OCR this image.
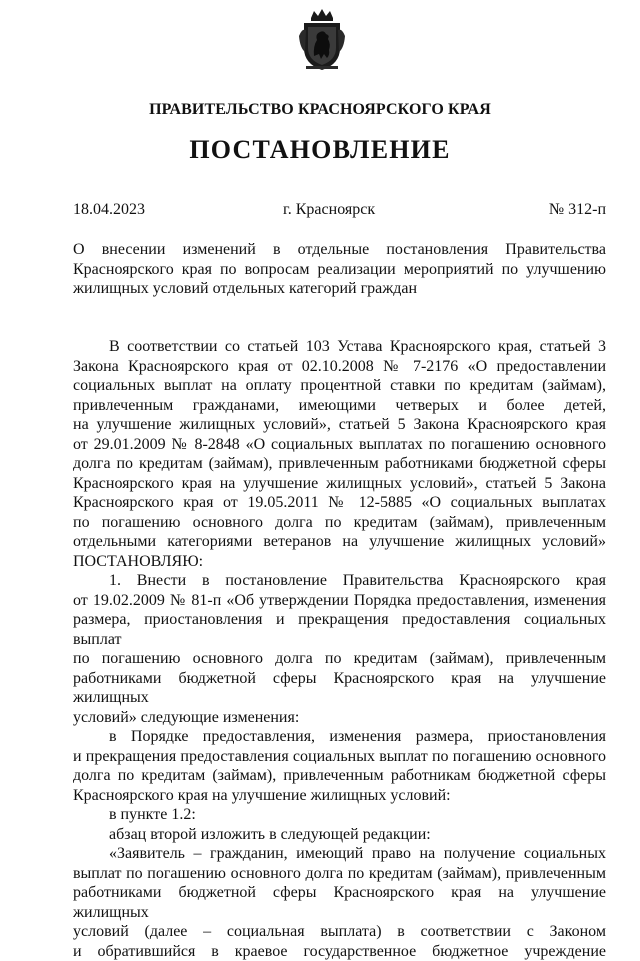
ПРАВИТЕЛЬСТВО КРАСНОЯРСКОГО КРАЯ
ПОСТАНОВЛЕНИЕ
18.04.2023	г. Красноярск	№ 312-п

О внесении изменений в отдельные постановления Правительства

Красноярского края по вопросам реализации мероприятий по улучшению

жилищных условий отдельных категорий граждан

В соответствии со статьей 103 Устава Красноярского края, статьей 3

Закона Красноярского края от 02.10.2008 № 7-2176 «О предоставлении

социальных выплат на оплату процентной ставки по кредитам (займам),

привлеченным гражданами, имеющими четверых и более детей,

на улучшение жилищных условий», статьей 5 Закона Красноярского края

от 29.01.2009 № 8-2848 «О социальных выплатах по погашению основного

долга по кредитам (займам), привлеченным работниками бюджетной сферы

Красноярского края на улучшение жилищных условий», статьей 5 Закона

Красноярского края от 19.05.2011 № 12-5885 «О социальных выплатах

по погашению основного долга по кредитам (займам), привлеченным

отдельными категориями ветеранов на улучшение жилищных условий»

ПОСТАНОВЛЯЮ:

1. Внести в постановление Правительства Красноярского края

от 19.02.2009 № 81-п «Об утверждении Порядка предоставления, изменения

размера, приостановления и прекращения предоставления социальных выплат

по погашению основного долга по кредитам (займам), привлеченным

работниками бюджетной сферы Красноярского края на улучшение жилищных

условий» следующие изменения:

в Порядке предоставления, изменения размера, приостановления

и прекращения предоставления социальных выплат по погашению основного

долга по кредитам (займам), привлеченным работникам бюджетной сферы

Красноярского края на улучшение жилищных условий:

в пункте 1.2:

абзац второй изложить в следующей редакции:

«Заявитель – гражданин, имеющий право на получение социальных

выплат по погашению основного долга по кредитам (займам), привлеченным

работниками бюджетной сферы Красноярского края на улучшение жилищных

условий (далее – социальная выплата) в соответствии с Законом

и обратившийся в краевое государственное бюджетное учреждение
